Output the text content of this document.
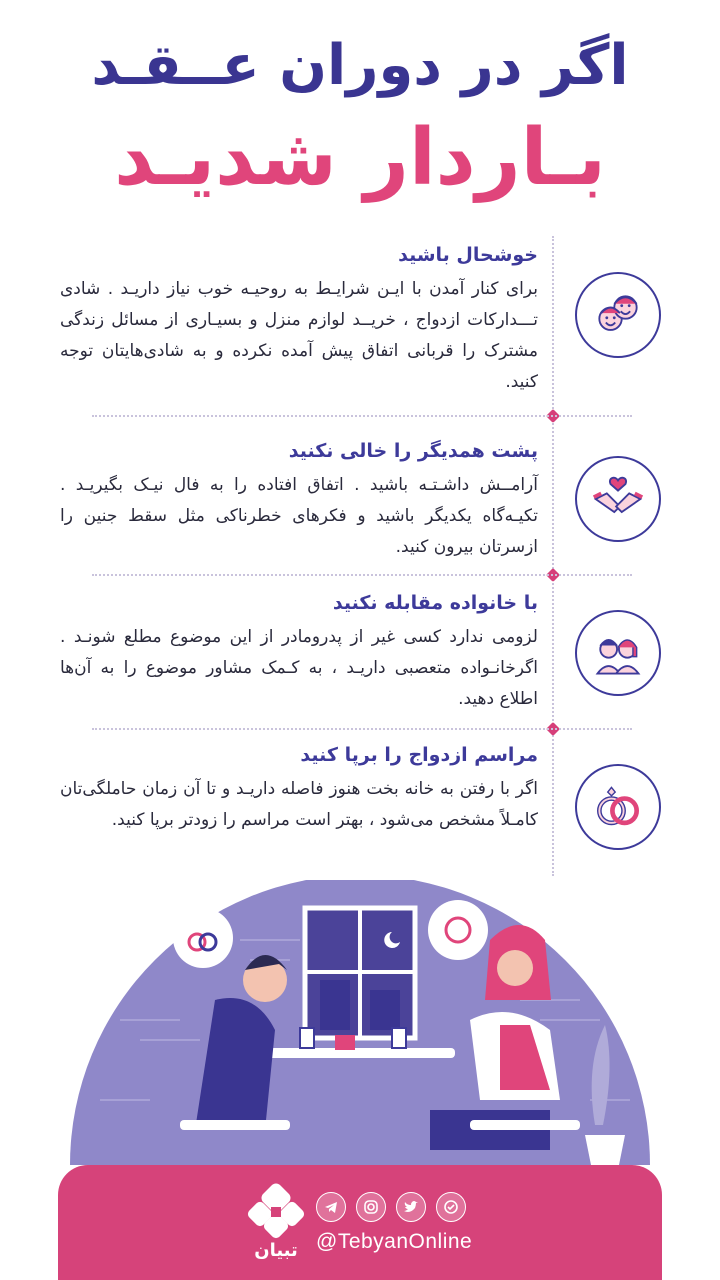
اگر در دوران عــقـد
بـاردار شدیـد
خوشحال باشید
برای کنار آمدن با ایـن شرایـط به روحیـه خوب نیاز داریـد . شادی تـــدارکات ازدواج ، خریــد لوازم منزل و بسیـاری از مسائل زندگی مشترک را قربانی اتفاق پیش آمده نکرده و به شادی‌هایتان توجه کنید.
پشت همدیگر را خالی نکنید
آرامــش داشـتـه باشید . اتفاق افتاده را به فال نیـک بگیریـد . تکیـه‌گاه یکدیگر باشید و فکرهای خطرناکی مثل سقط جنین را ازسرتان بیرون کنید.
با خانواده مقابله نکنید
لزومی ندارد کسی غیر از پدرومادر از این موضوع مطلع شونـد . اگرخانـواده متعصبی داریـد ، به کـمک مشاور موضوع را به آن‌ها اطلاع دهید.
مراسم ازدواج را برپا کنید
اگر با رفتن به خانه بخت هنوز فاصله داریـد و تا آن زمان حاملگی‌تان کامـلاً مشخص می‌شود ، بهتر است مراسم را زودتر برپا کنید.
تبیان @TebyanOnline
